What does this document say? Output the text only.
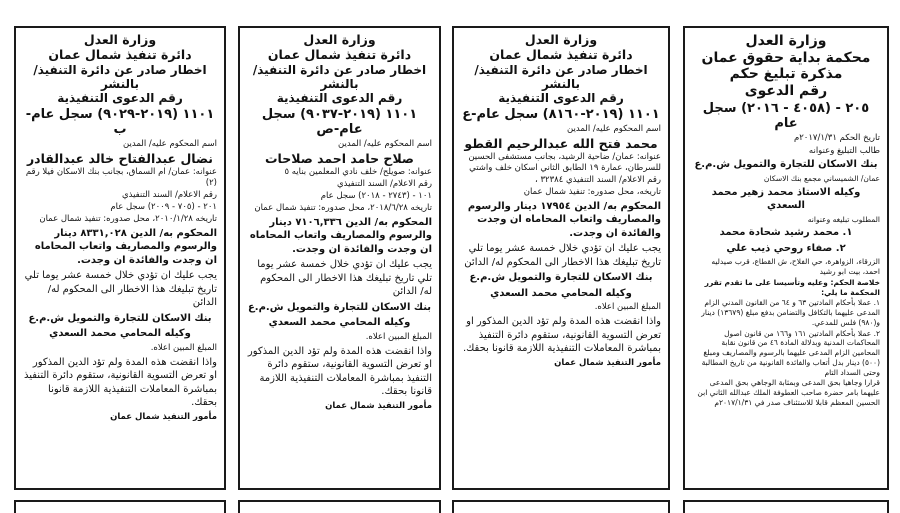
وزارة العدل

محكمة بداية حقوق عمان

مذكرة تبليغ حكم

رقم الدعوى

٢٠٥ - (٤٠٥٨ - ٢٠١٦) سجل عام

تاريخ الحكم ٢٠١٧/١/٣١م

طالب التبليغ وعنوانه

بنك الاسكان للتجارة والتمويل ش.م.ع

عمان/ الشميساني مجمع بنك الاسكان

وكيله الاستاذ محمد زهير محمد السعدي

المطلوب تبليغه وعنوانه

١. محمد رشيد شحادة محمد

٢. صفاء روحي ذيب علي

الزرقاء، الزواهرة، حي الفلاح، ش القطاع، قرب صيدليه احمد، بيت ابو رشيد

خلاصة الحكم: وعليه وتأسيسا على ما تقدم تقرر المحكمة ما يلي:

١. عملا بأحكام المادتين ٦٣ و ٦٤ من القانون المدني الزام المدعى عليهما بالتكافل والتضامن بدفع مبلغ (١٣٦٧٩) دينار و(٩٨٠) فلس للمدعي.

٢. عملا بأحكام المادتين ١٦١ و١٦٦ من قانون اصول المحاكمات المدنية وبدلالة المادة ٤٦ من قانون نقابة المحامين الزام المدعى عليهما بالرسوم والمصاريف ومبلغ (٥٠٠) دينار بدل أتعاب والفائدة القانونية من تاريخ المطالبة وحتى السداد التام

قرارا وجاهيا بحق المدعى وبمثابة الوجاهي بحق المدعى عليهما بامر حضرة صاحب العطوفة الملك عبدالله الثاني ابن الحسين المعظم قابلا للاستئناف صدر في ٢٠١٧/١/٣١م

وزارة العدل

دائرة تنفيذ شمال عمان

اخطار صادر عن دائرة التنفيذ/بالنشر

رقم الدعوى التنفيذية

١١٠١ (٢٠١٩-٨١٦٠) سجل عام-ع

اسم المحكوم عليه/ المدين

محمد فتح الله عبدالرحيم القطو

عنوانه: عمان/ ضاحية الرشيد، بجانب مستشفى الحسين للسرطان، عمارة ١٩ الطابق الثاني اسكان خلف واشتي

رقم الاعلام/ السند التنفيذي ٣٢٣٨٤ ،

تاريخه، محل صدوره: تنفيذ شمال عمان

المحكوم به/ الدين ١٧٩٥٤ دينار والرسوم والمصاريف واتعاب المحاماه ان وجدت والفائدة ان وجدت.

يجب عليك ان تؤدي خلال خمسة عشر يوما تلي تاريخ تبليغك هذا الاخطار الى المحكوم له/ الدائن

بنك الاسكان للتجارة والتمويل ش.م.ع

وكيله المحامي محمد السعدي

المبلغ المبين اعلاه.

واذا انقضت هذه المدة ولم تؤد الدين المذكور او تعرض التسوية القانونية، ستقوم دائرة التنفيذ بمباشرة المعاملات التنفيذية اللازمة قانونا بحقك.

مأمور التنفيذ شمال عمان

وزارة العدل

دائرة تنفيذ شمال عمان

اخطار صادر عن دائرة التنفيذ/بالنشر

رقم الدعوى التنفيذية

١١٠١ (٢٠١٩-٩٠٣٧) سجل عام-ص

اسم المحكوم عليه/ المدين

صلاح حامد احمد صلاحات

عنوانه: صويلح/ خلف نادي المعلمين بنايه ٥

رقم الاعلام/ السند التنفيذي

١٠١ - (٢٧٤٣ - ٢٠١٨) سجل عام

تاريخه ٢٠١٨/٦/٢٨، محل صدوره: تنفيذ شمال عمان

المحكوم به/ الدين ٧١٠٦,٣٣٦ دينار والرسوم والمصاريف واتعاب المحاماه ان وجدت والفائدة ان وجدت.

يجب عليك ان تؤدي خلال خمسة عشر يوما تلي تاريخ تبليغك هذا الاخطار الى المحكوم له/ الدائن

بنك الاسكان للتجارة والتمويل ش.م.ع

وكيله المحامي محمد السعدي

المبلغ المبين اعلاه.

واذا انقضت هذه المدة ولم تؤد الدين المذكور او تعرض التسوية القانونية، ستقوم دائرة التنفيذ بمباشرة المعاملات التنفيذية اللازمة قانونا بحقك.

مأمور التنفيذ شمال عمان

وزارة العدل

دائرة تنفيذ شمال عمان

اخطار صادر عن دائرة التنفيذ/بالنشر

رقم الدعوى التنفيذية

١١٠١ (٢٠١٩-٩٠٢٩) سجل عام-ب

اسم المحكوم عليه/ المدين

نضال عبدالفتاح خالد عبدالقادر

عنوانه: عمان/ ام السماق، بجانب بنك الاسكان فيلا رقم (٢)

رقم الاعلام/ السند التنفيذي

٢٠١ - (٧٠٥ - ٢٠٠٩) سجل عام

تاريخه ٢٠١٠/١/٢٨، محل صدوره: تنفيذ شمال عمان

المحكوم به/ الدين ٨٣٣١,٠٢٨ دينار والرسوم والمصاريف واتعاب المحاماه ان وجدت والفائدة ان وجدت.

يجب عليك ان تؤدي خلال خمسة عشر يوما تلي تاريخ تبليغك هذا الاخطار الى المحكوم له/ الدائن

بنك الاسكان للتجارة والتمويل ش.م.ع

وكيله المحامي محمد السعدي

المبلغ المبين اعلاه.

واذا انقضت هذه المدة ولم تؤد الدين المذكور او تعرض التسوية القانونية، ستقوم دائرة التنفيذ بمباشرة المعاملات التنفيذية اللازمة قانونا بحقك.

مأمور التنفيذ شمال عمان
